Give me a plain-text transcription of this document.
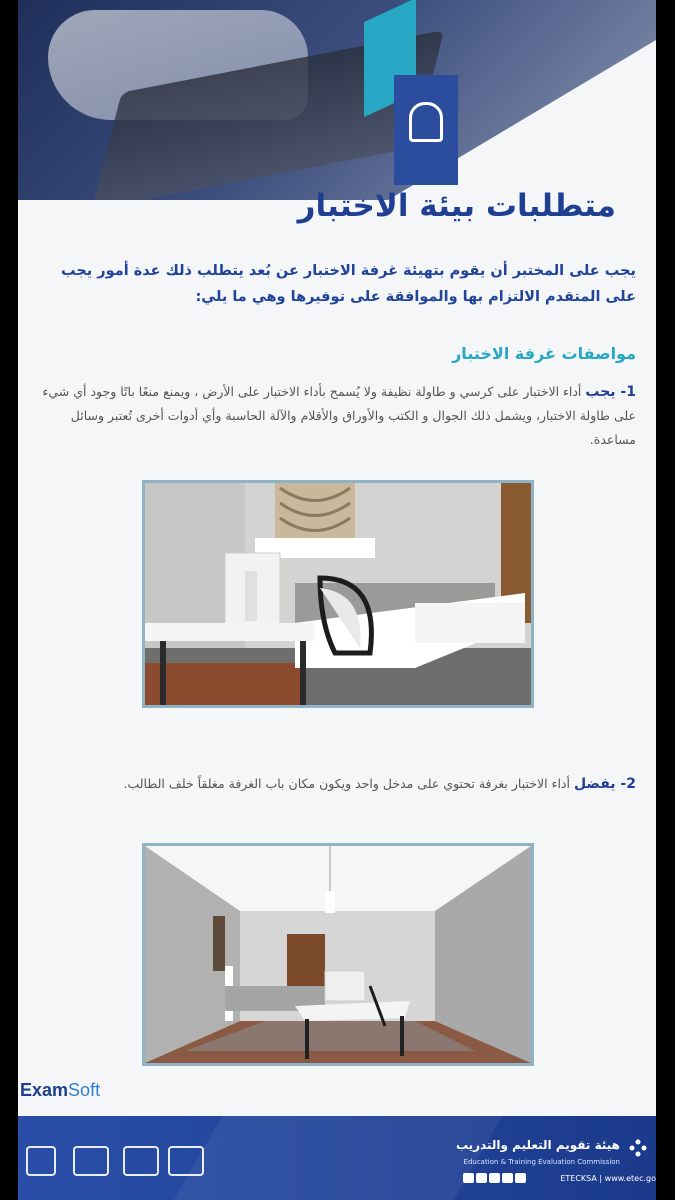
متطلبات بيئة الاختبار

يجب على المختبر أن يقوم بتهيئة غرفة الاختبار عن بُعد يتطلب ذلك عدة أمور يجب على المتقدم الالتزام بها والموافقة على توفيرها وهي ما يلي:

مواصفات غرفة الاختبار

1- يجب أداء الاختبار على كرسي و طاولة نظيفة ولا يُسمح بأداء الاختبار على الأرض ، ويمنع منعًا باتًا وجود أي شيء على طاولة الاختبار، ويشمل ذلك الجوال و الكتب والأوراق والأقلام والآلة الحاسبة وأي أدوات أخرى تُعتبر وسائل مساعدة.

2- يفضل أداء الاختبار بغرفة تحتوي على مدخل واحد ويكون مكان باب الغرفة مغلقاً خلف الطالب.

ExamSoft
هيئة تقويم التعليم والتدريب
Education & Training Evaluation Commission
ETECKSA | www.etec.go
